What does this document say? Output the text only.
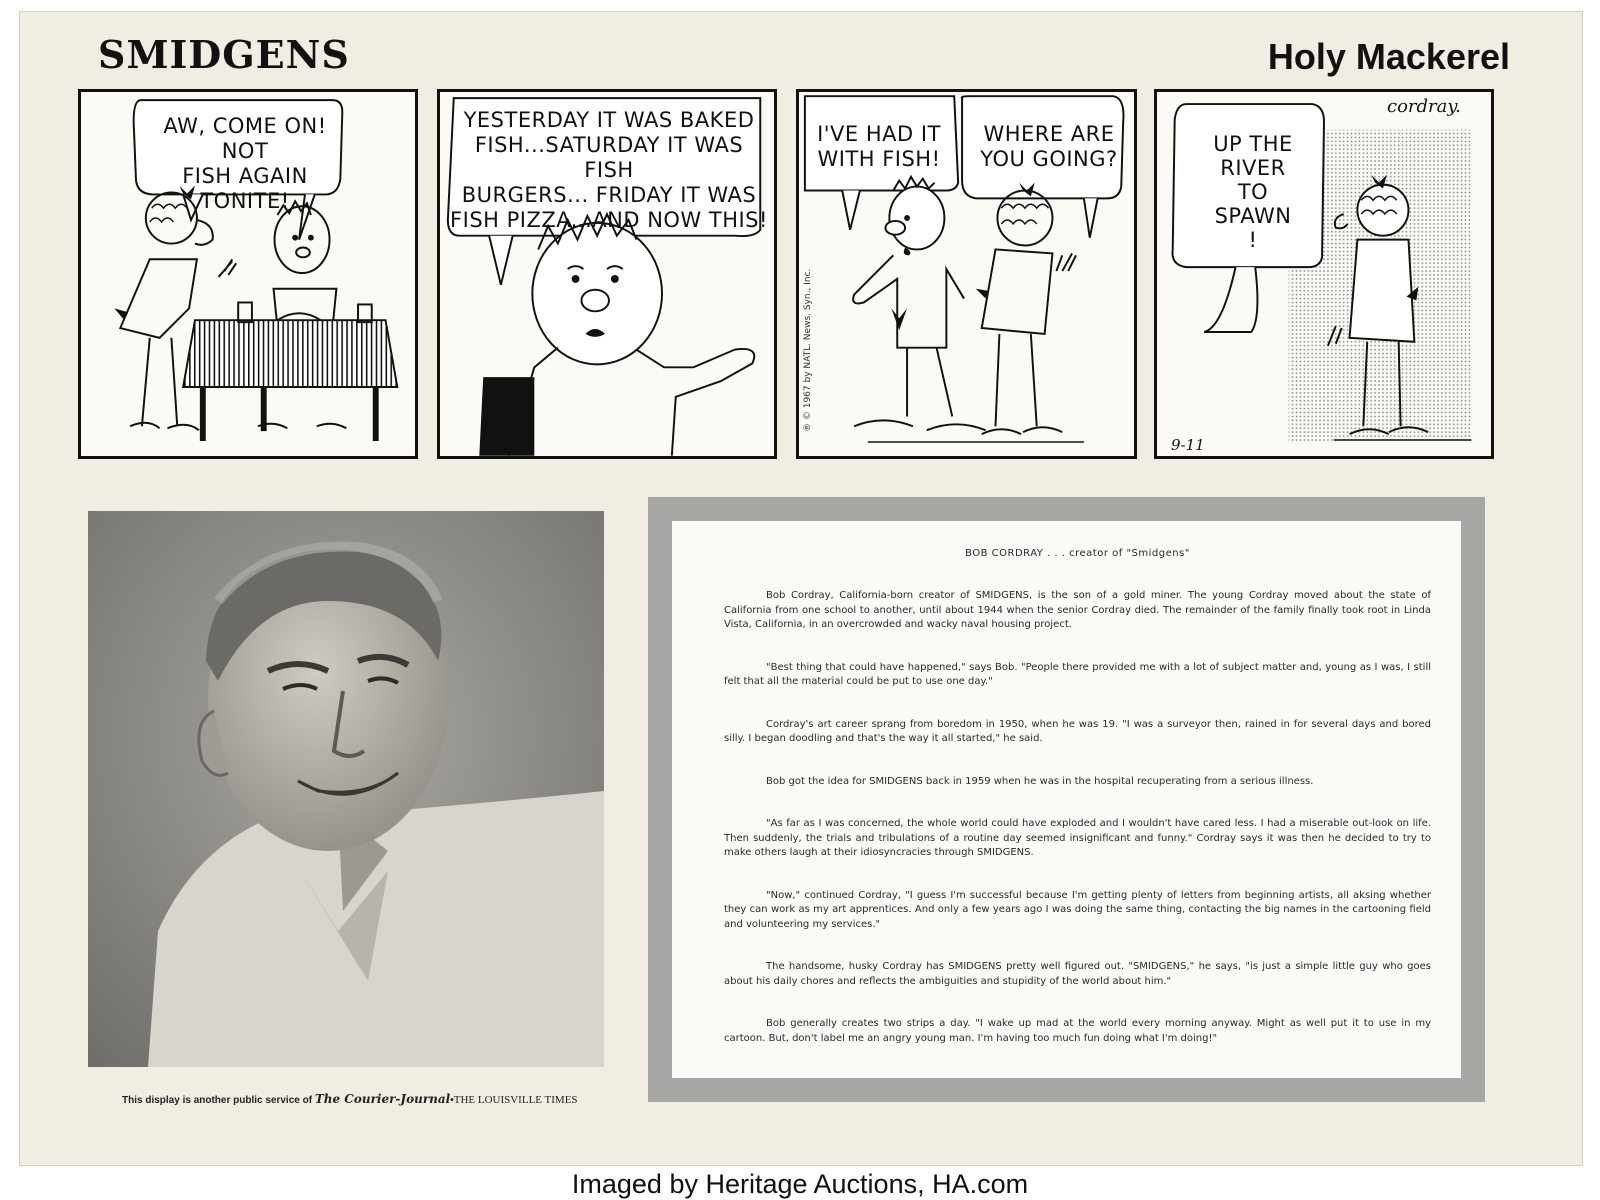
SMIDGENS	Holy Mackerel
AW, COME ON! NOT
FISH AGAIN TONITE!
YESTERDAY IT WAS BAKED
FISH...SATURDAY IT WAS FISH
BURGERS... FRIDAY IT WAS
FISH PIZZA...AND NOW THIS!
I'VE HAD IT
WITH FISH!
WHERE ARE
YOU GOING?
® © 1967 by NATL. News. Syn., Inc.
UP THE
RIVER
TO
SPAWN
!
cordray.
9-11
This display is another public service of The Courier-Journal•THE LOUISVILLE TIMES

BOB CORDRAY . . . creator of "Smidgens"

Bob Cordray, California-born creator of SMIDGENS, is the son of a gold miner. The young Cordray moved about the state of California from one school to another, until about 1944 when the senior Cordray died. The remainder of the family finally took root in Linda Vista, California, in an overcrowded and wacky naval housing project.

"Best thing that could have happened," says Bob. "People there provided me with a lot of subject matter and, young as I was, I still felt that all the material could be put to use one day."

Cordray's art career sprang from boredom in 1950, when he was 19. "I was a surveyor then, rained in for several days and bored silly. I began doodling and that's the way it all started," he said.

Bob got the idea for SMIDGENS back in 1959 when he was in the hospital recuperating from a serious illness.

"As far as I was concerned, the whole world could have exploded and I wouldn't have cared less. I had a miserable out-look on life. Then suddenly, the trials and tribulations of a routine day seemed insignificant and funny." Cordray says it was then he decided to try to make others laugh at their idiosyncracies through SMIDGENS.

"Now," continued Cordray, "I guess I'm successful because I'm getting plenty of letters from beginning artists, all aksing whether they can work as my art apprentices. And only a few years ago I was doing the same thing, contacting the big names in the cartooning field and volunteering my services."

The handsome, husky Cordray has SMIDGENS pretty well figured out. "SMIDGENS," he says, "is just a simple little guy who goes about his daily chores and reflects the ambiguities and stupidity of the world about him."

Bob generally creates two strips a day. "I wake up mad at the world every morning anyway. Might as well put it to use in my cartoon. But, don't label me an angry young man. I'm having too much fun doing what I'm doing!"

Imaged by Heritage Auctions, HA.com
